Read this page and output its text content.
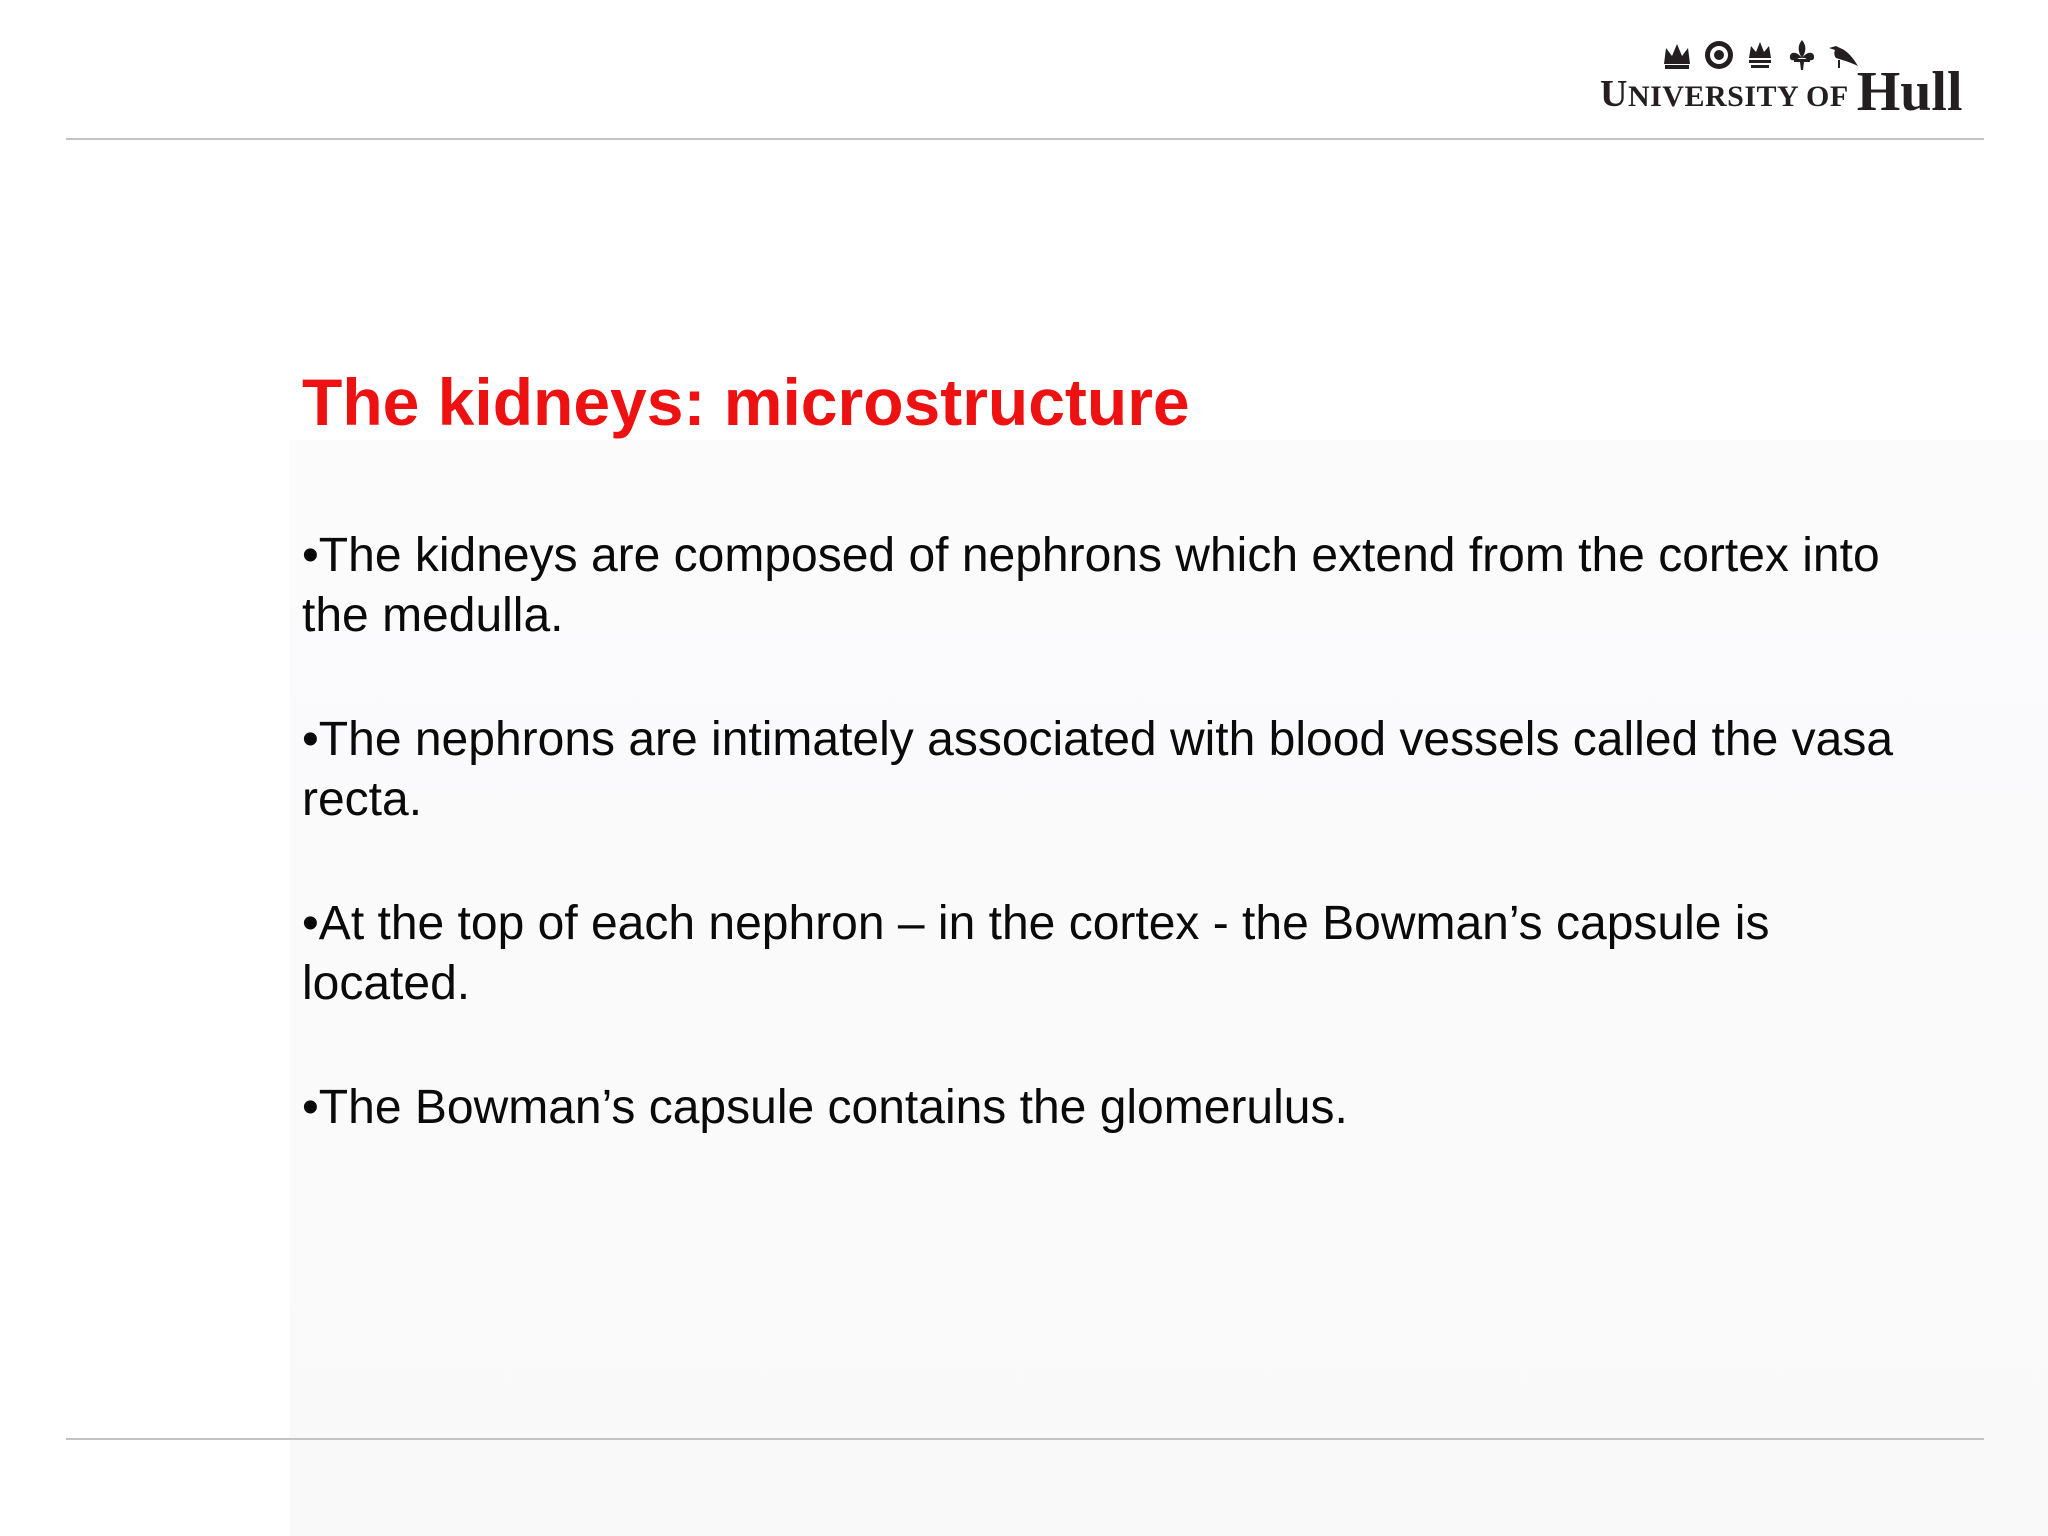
UNIVERSITY OF Hull
The kidneys: microstructure
•The kidneys are composed of nephrons which extend from the cortex into the medulla.
•The nephrons are intimately associated with blood vessels called the vasa recta.
•At the top of each nephron – in the cortex - the Bowman’s capsule is located.
•The Bowman’s capsule contains the glomerulus.
